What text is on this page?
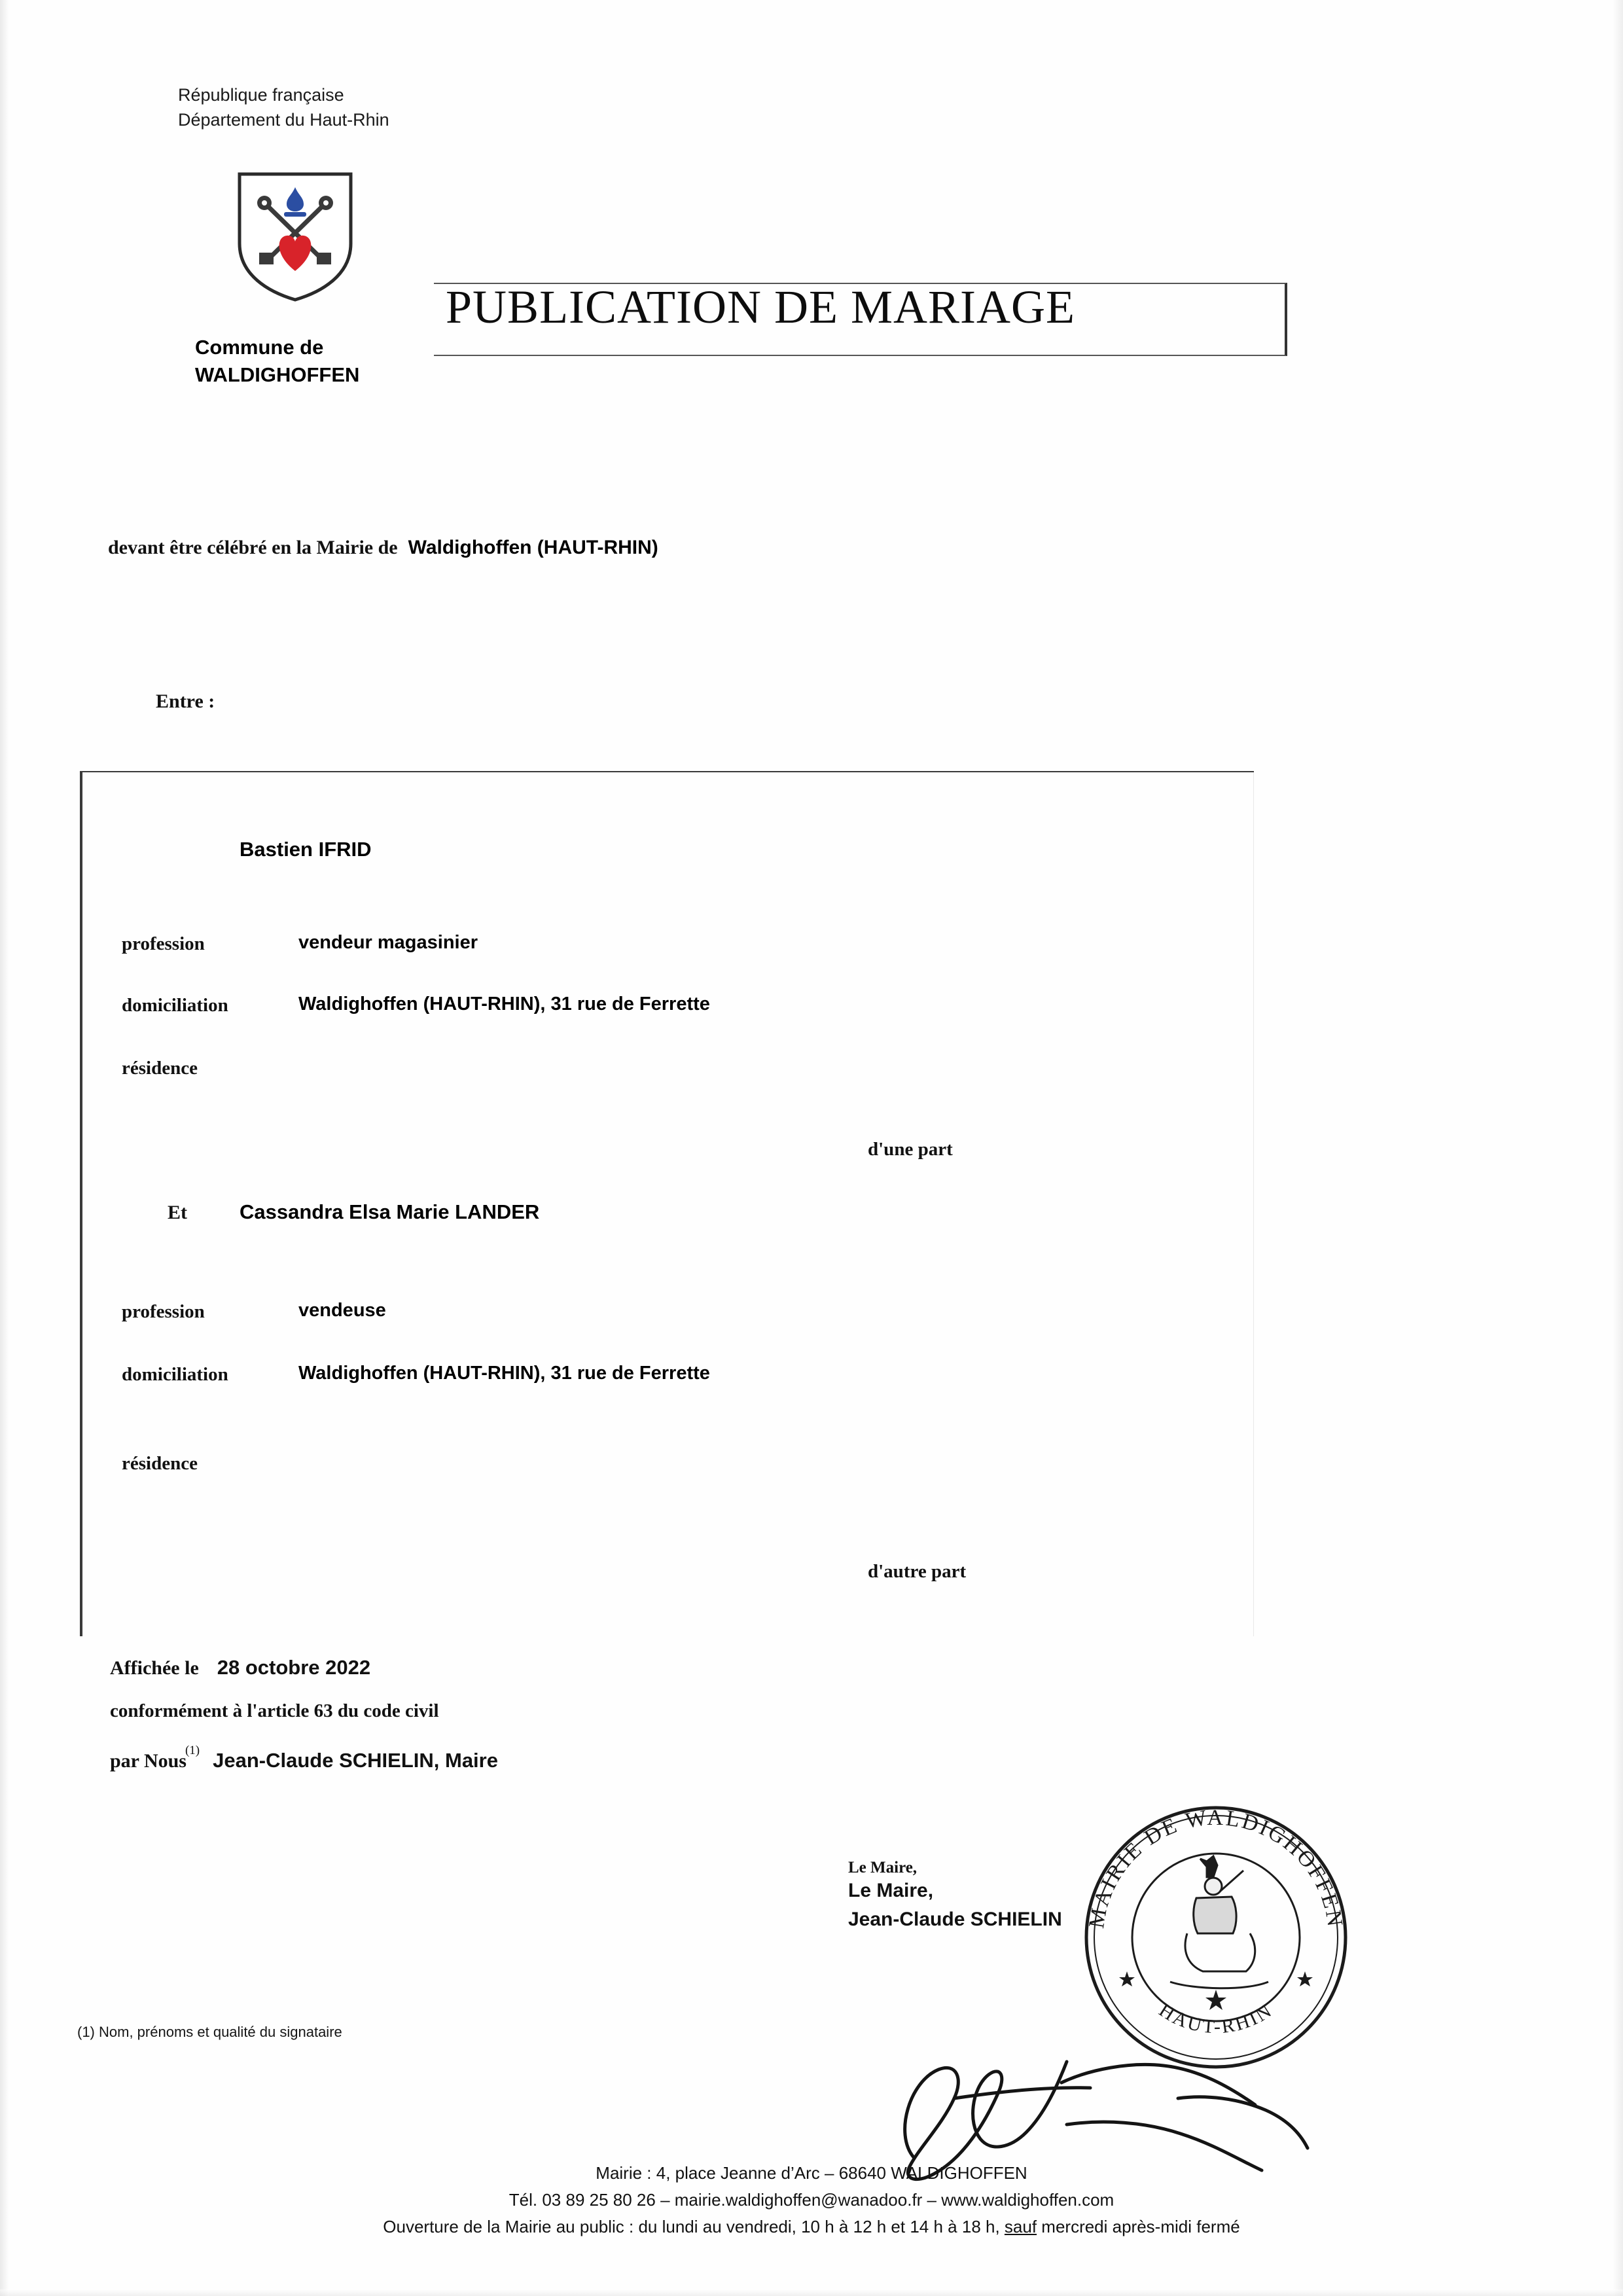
République française
Département du Haut-Rhin
Commune de
WALDIGHOFFEN
PUBLICATION DE MARIAGE
devant être célébré en la Mairie de Waldighoffen (HAUT-RHIN)
Entre :
Bastien IFRID
profession	vendeur magasinier
domiciliation	Waldighoffen (HAUT-RHIN), 31 rue de Ferrette
résidence
d'une part
Et	Cassandra Elsa Marie LANDER
profession	vendeuse
domiciliation	Waldighoffen (HAUT-RHIN), 31 rue de Ferrette
résidence
d'autre part
Affichée le 28 octobre 2022
conformément à l'article 63 du code civil
par Nous(1) Jean-Claude SCHIELIN, Maire
Le Maire,
Le Maire,
Jean-Claude SCHIELIN MAIRIE DE WALDIGHOFFEN
HAUT-RHIN
(1) Nom, prénoms et qualité du signataire
Mairie : 4, place Jeanne d’Arc – 68640 WALDIGHOFFEN
Tél. 03 89 25 80 26 – mairie.waldighoffen@wanadoo.fr – www.waldighoffen.com
Ouverture de la Mairie au public : du lundi au vendredi, 10 h à 12 h et 14 h à 18 h, sauf mercredi après-midi fermé
